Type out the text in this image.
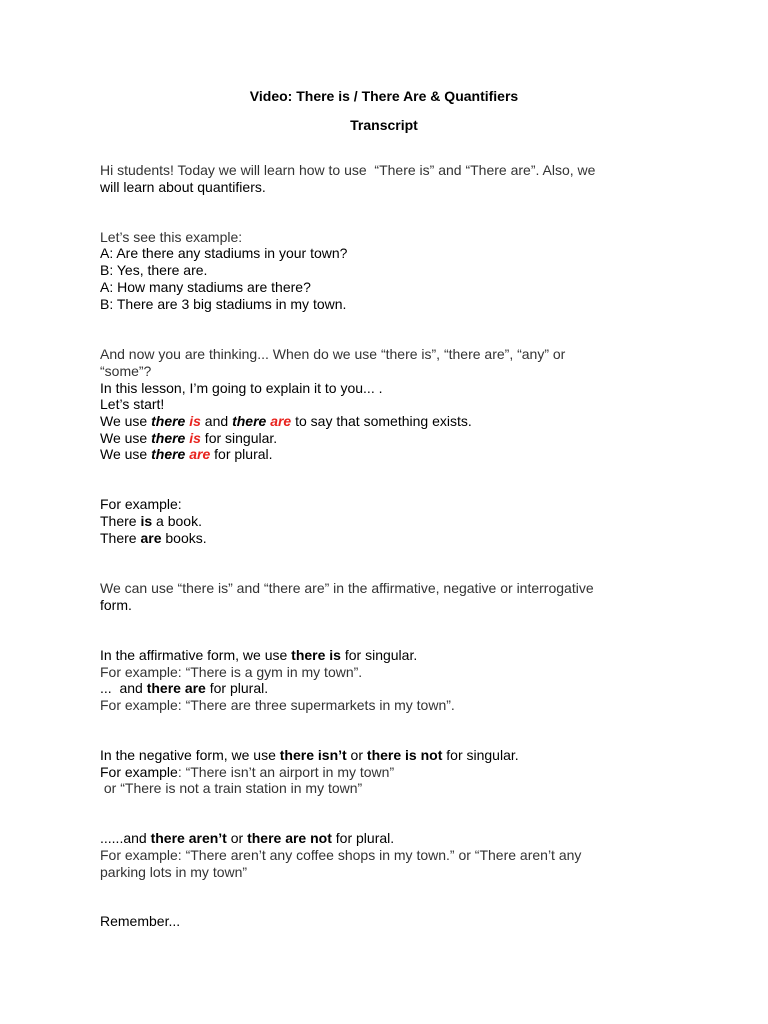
Video: There is / There Are & Quantifiers
Transcript
Hi students! Today we will learn how to use  “There is” and “There are”. Also, we
will learn about quantifiers.
Let’s see this example:
A: Are there any stadiums in your town?
B: Yes, there are.
A: How many stadiums are there?
B: There are 3 big stadiums in my town.
And now you are thinking... When do we use “there is”, “there are”, “any” or
“some”?
In this lesson, I’m going to explain it to you... .
Let’s start!
We use there is and there are to say that something exists.
We use there is for singular.
We use there are for plural.
For example:
There is a book.
There are books.
We can use “there is” and “there are” in the affirmative, negative or interrogative
form.
In the affirmative form, we use there is for singular.
For example: “There is a gym in my town”.
...  and there are for plural.
For example: “There are three supermarkets in my town”.
In the negative form, we use there isn’t or there is not for singular.
For example: “There isn’t an airport in my town”
or “There is not a train station in my town”
......and there aren’t or there are not for plural.
For example: “There aren’t any coffee shops in my town.” or “There aren’t any
parking lots in my town”
Remember...
